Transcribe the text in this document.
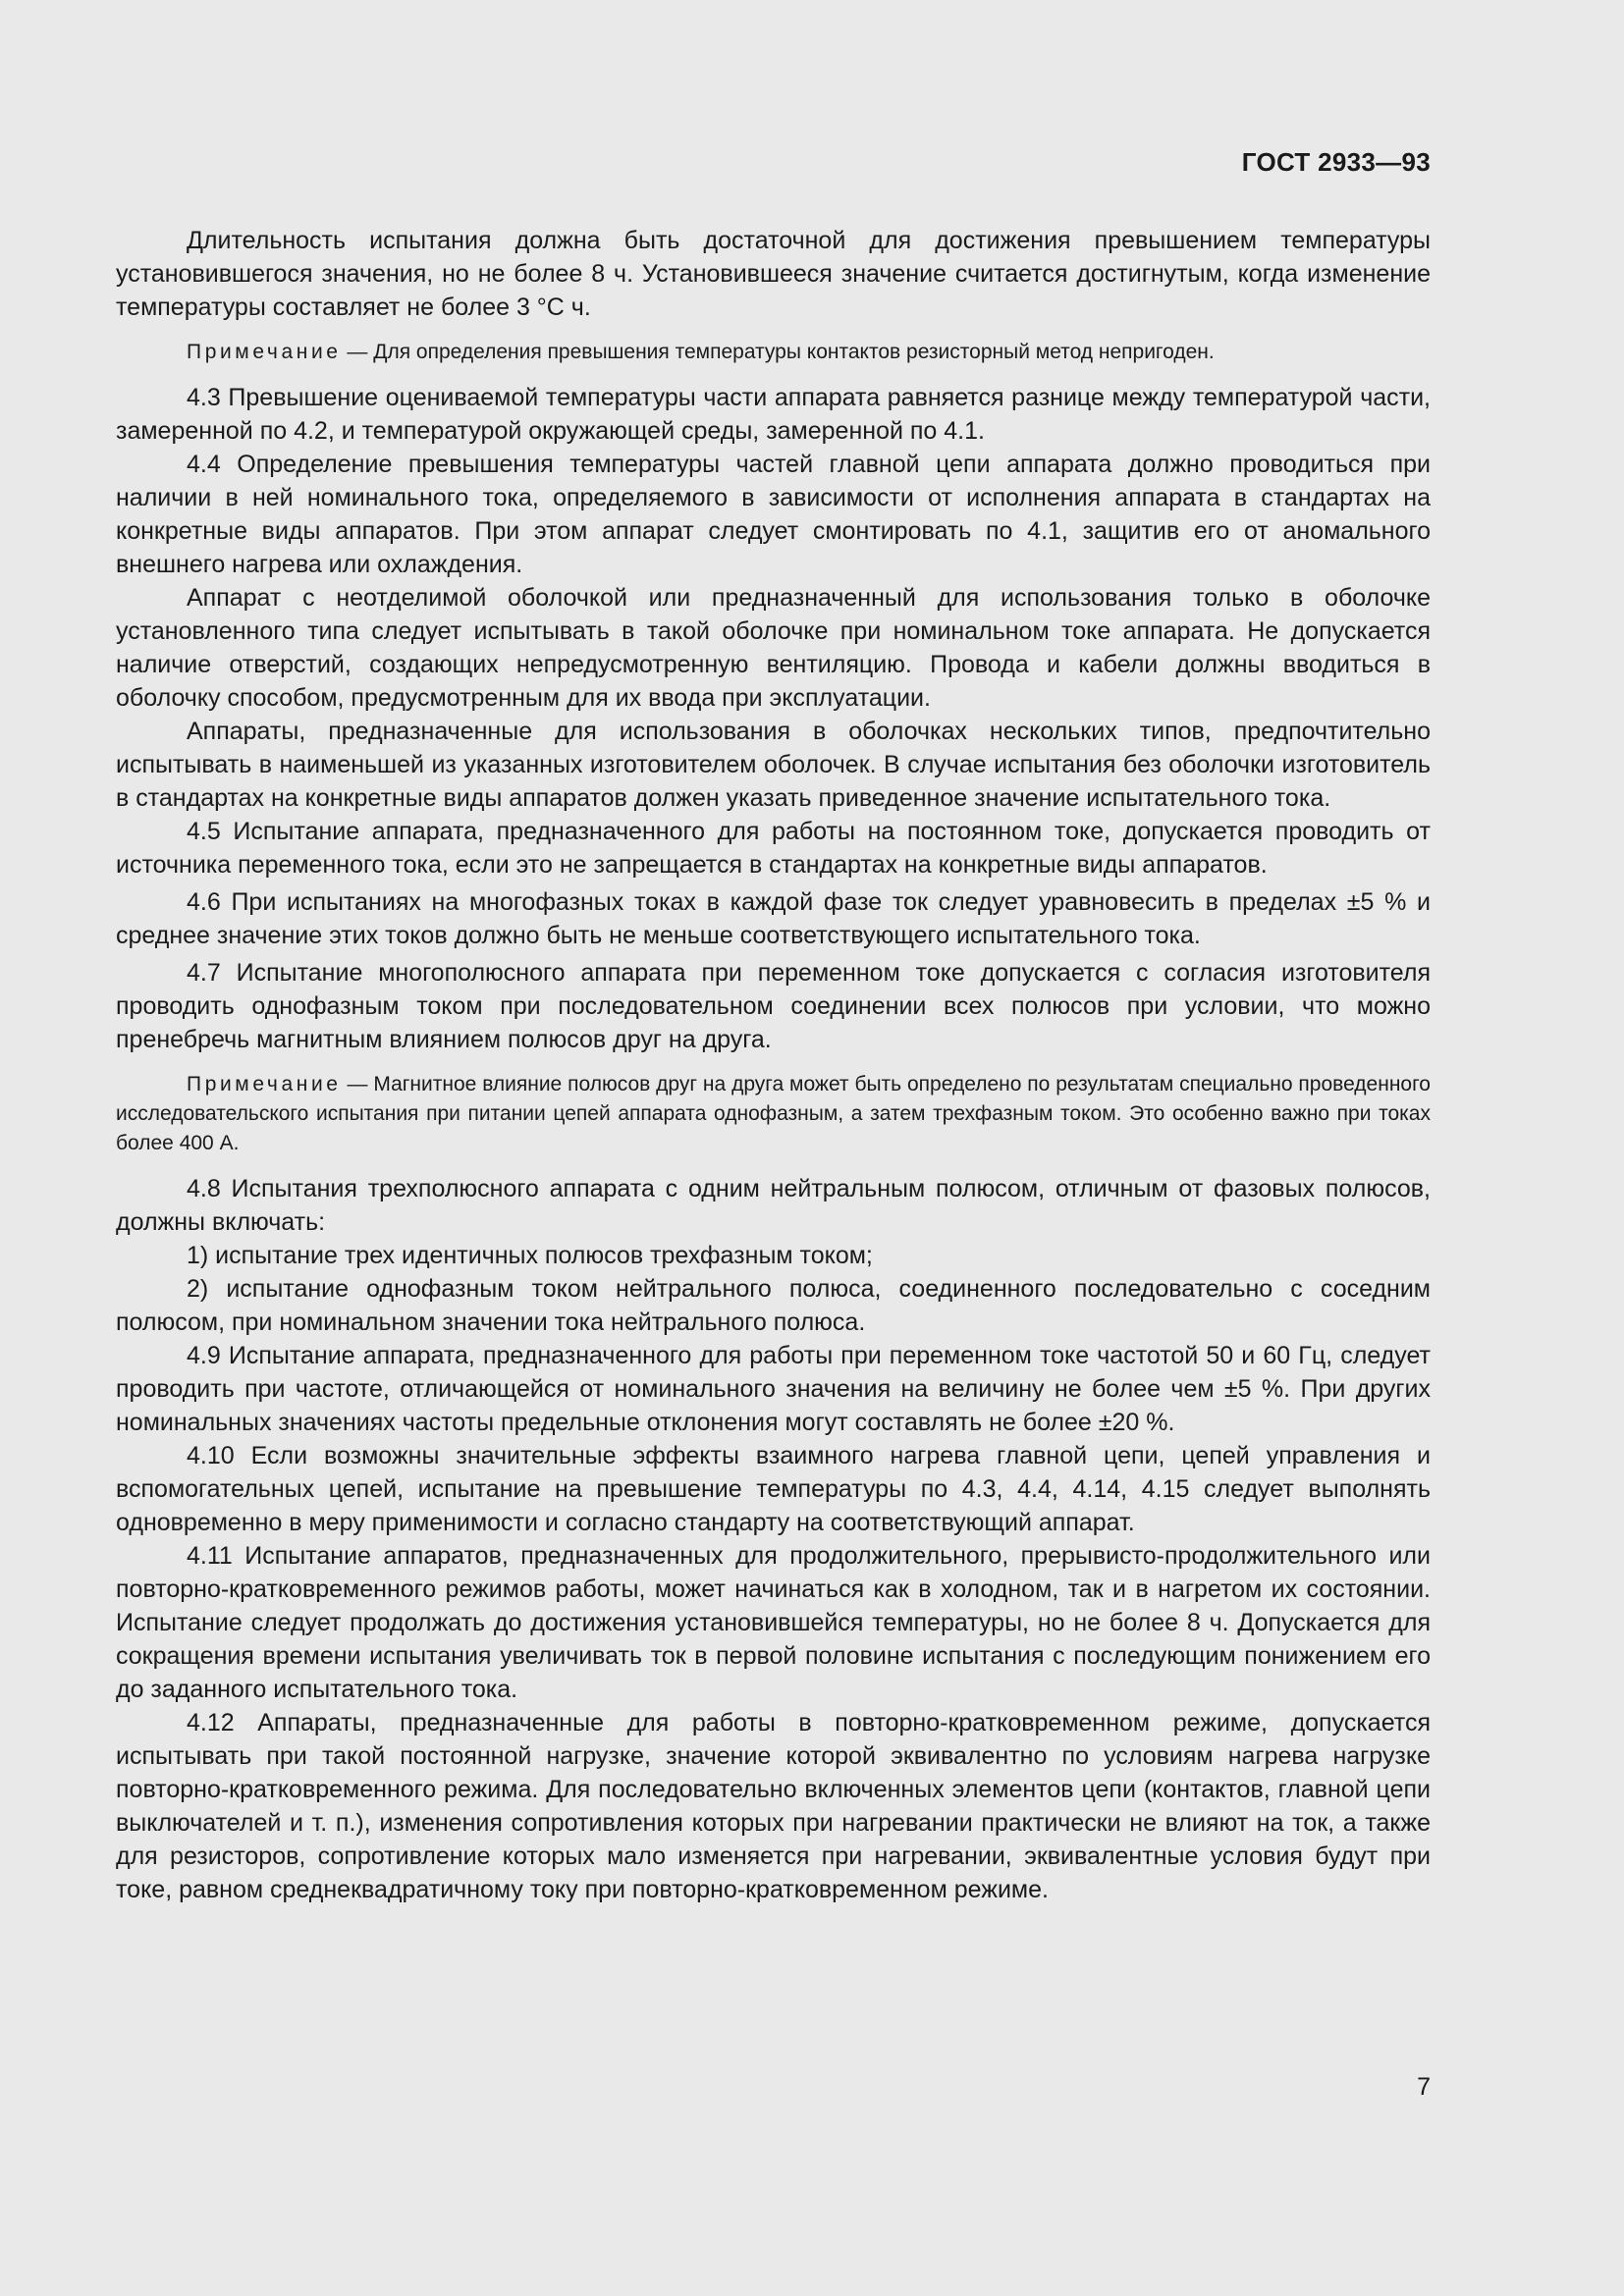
ГОСТ 2933—93

Длительность испытания должна быть достаточной для достижения превышением температуры установившегося значения, но не более 8 ч. Установившееся значение считается достигнутым, когда изменение температуры составляет не более 3 °С ч.

Примечание — Для определения превышения температуры контактов резисторный метод непригоден.

4.3 Превышение оцениваемой температуры части аппарата равняется разнице между температурой части, замеренной по 4.2, и температурой окружающей среды, замеренной по 4.1.

4.4 Определение превышения температуры частей главной цепи аппарата должно проводиться при наличии в ней номинального тока, определяемого в зависимости от исполнения аппарата в стандартах на конкретные виды аппаратов. При этом аппарат следует смонтировать по 4.1, защитив его от аномального внешнего нагрева или охлаждения.

Аппарат с неотделимой оболочкой или предназначенный для использования только в оболочке установленного типа следует испытывать в такой оболочке при номинальном токе аппарата. Не допускается наличие отверстий, создающих непредусмотренную вентиляцию. Провода и кабели должны вводиться в оболочку способом, предусмотренным для их ввода при эксплуатации.

Аппараты, предназначенные для использования в оболочках нескольких типов, предпочтительно испытывать в наименьшей из указанных изготовителем оболочек. В случае испытания без оболочки изготовитель в стандартах на конкретные виды аппаратов должен указать приведенное значение испытательного тока.

4.5 Испытание аппарата, предназначенного для работы на постоянном токе, допускается проводить от источника переменного тока, если это не запрещается в стандартах на конкретные виды аппаратов.

4.6 При испытаниях на многофазных токах в каждой фазе ток следует уравновесить в пределах ±5 % и среднее значение этих токов должно быть не меньше соответствующего испытательного тока.

4.7 Испытание многополюсного аппарата при переменном токе допускается с согласия изготовителя проводить однофазным током при последовательном соединении всех полюсов при условии, что можно пренебречь магнитным влиянием полюсов друг на друга.

Примечание — Магнитное влияние полюсов друг на друга может быть определено по результатам специально проведенного исследовательского испытания при питании цепей аппарата однофазным, а затем трехфазным током. Это особенно важно при токах более 400 А.

4.8 Испытания трехполюсного аппарата с одним нейтральным полюсом, отличным от фазовых полюсов, должны включать:

1) испытание трех идентичных полюсов трехфазным током;

2) испытание однофазным током нейтрального полюса, соединенного последовательно с соседним полюсом, при номинальном значении тока нейтрального полюса.

4.9 Испытание аппарата, предназначенного для работы при переменном токе частотой 50 и 60 Гц, следует проводить при частоте, отличающейся от номинального значения на величину не более чем ±5 %. При других номинальных значениях частоты предельные отклонения могут составлять не более ±20 %.

4.10 Если возможны значительные эффекты взаимного нагрева главной цепи, цепей управления и вспомогательных цепей, испытание на превышение температуры по 4.3, 4.4, 4.14, 4.15 следует выполнять одновременно в меру применимости и согласно стандарту на соответствующий аппарат.

4.11 Испытание аппаратов, предназначенных для продолжительного, прерывисто-продолжительного или повторно-кратковременного режимов работы, может начинаться как в холодном, так и в нагретом их состоянии. Испытание следует продолжать до достижения установившейся температуры, но не более 8 ч. Допускается для сокращения времени испытания увеличивать ток в первой половине испытания с последующим понижением его до заданного испытательного тока.

4.12 Аппараты, предназначенные для работы в повторно-кратковременном режиме, допускается испытывать при такой постоянной нагрузке, значение которой эквивалентно по условиям нагрева нагрузке повторно-кратковременного режима. Для последовательно включенных элементов цепи (контактов, главной цепи выключателей и т. п.), изменения сопротивления которых при нагревании практически не влияют на ток, а также для резисторов, сопротивление которых мало изменяется при нагревании, эквивалентные условия будут при токе, равном среднеквадратичному току при повторно-кратковременном режиме.

7
